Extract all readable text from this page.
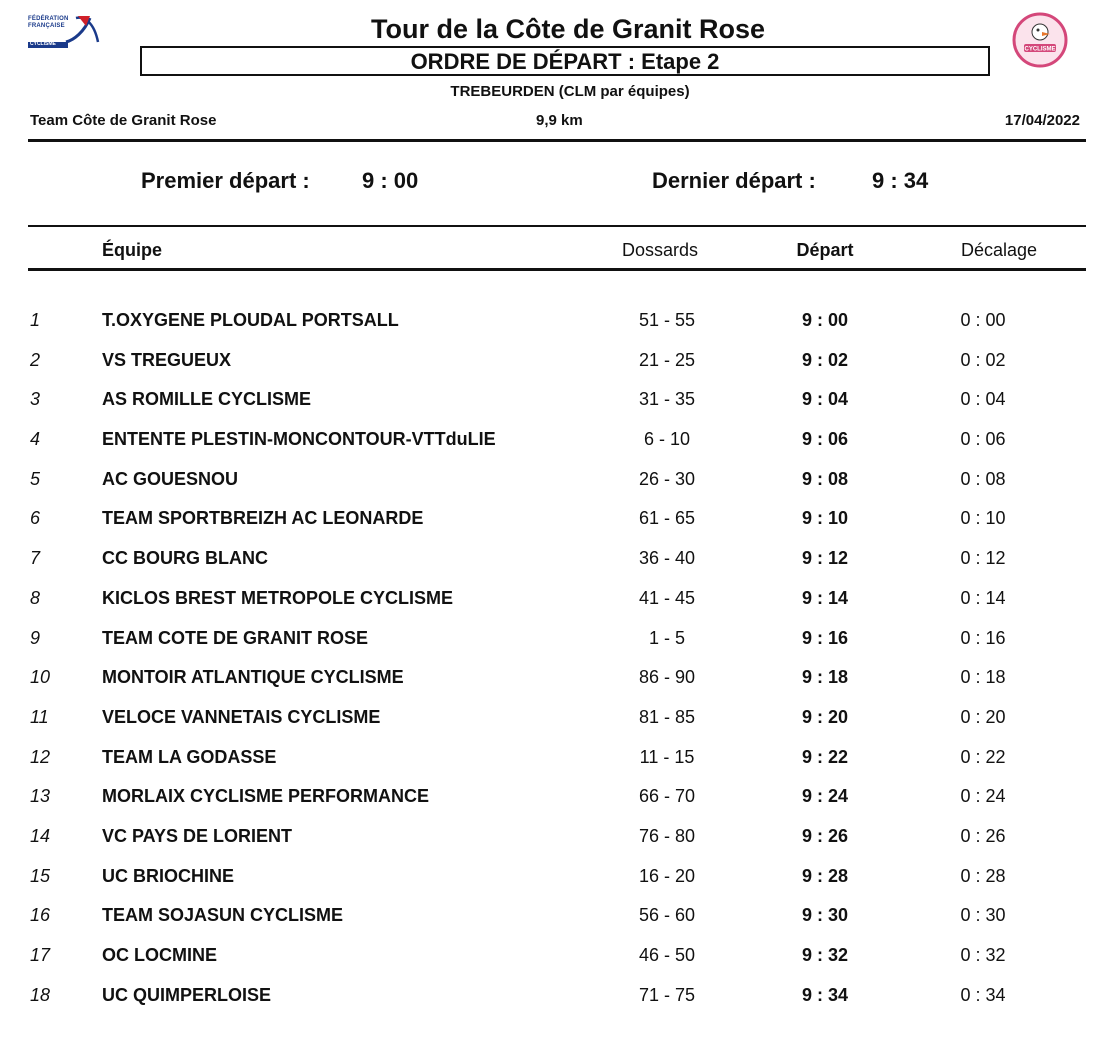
FÉDÉRATION
FRANÇAISE
CYCLISME
CYCLISME
Tour de la Côte de Granit Rose
ORDRE DE DÉPART : Etape 2
TREBEURDEN (CLM par équipes)
Team Côte de Granit Rose	9,9 km	17/04/2022
Premier départ : 9 : 00	Dernier départ :	9 : 34
Équipe	Dossards	Départ	Décalage
1	T.OXYGENE PLOUDAL PORTSALL	51 - 55	9 : 00	0 : 00
2	VS TREGUEUX	21 - 25	9 : 02	0 : 02
3	AS ROMILLE CYCLISME	31 - 35	9 : 04	0 : 04
4	ENTENTE PLESTIN-MONCONTOUR-VTTduLIE	6 - 10	9 : 06	0 : 06
5	AC GOUESNOU	26 - 30	9 : 08	0 : 08
6	TEAM SPORTBREIZH AC LEONARDE	61 - 65	9 : 10	0 : 10
7	CC BOURG BLANC	36 - 40	9 : 12	0 : 12
8	KICLOS BREST METROPOLE CYCLISME	41 - 45	9 : 14	0 : 14
9	TEAM COTE DE GRANIT ROSE	1 - 5	9 : 16	0 : 16
10	MONTOIR ATLANTIQUE CYCLISME	86 - 90	9 : 18	0 : 18
11	VELOCE VANNETAIS CYCLISME	81 - 85	9 : 20	0 : 20
12	TEAM LA GODASSE	11 - 15	9 : 22	0 : 22
13	MORLAIX CYCLISME PERFORMANCE	66 - 70	9 : 24	0 : 24
14	VC PAYS DE LORIENT	76 - 80	9 : 26	0 : 26
15	UC BRIOCHINE	16 - 20	9 : 28	0 : 28
16	TEAM SOJASUN CYCLISME	56 - 60	9 : 30	0 : 30
17	OC LOCMINE	46 - 50	9 : 32	0 : 32
18	UC QUIMPERLOISE	71 - 75	9 : 34	0 : 34
